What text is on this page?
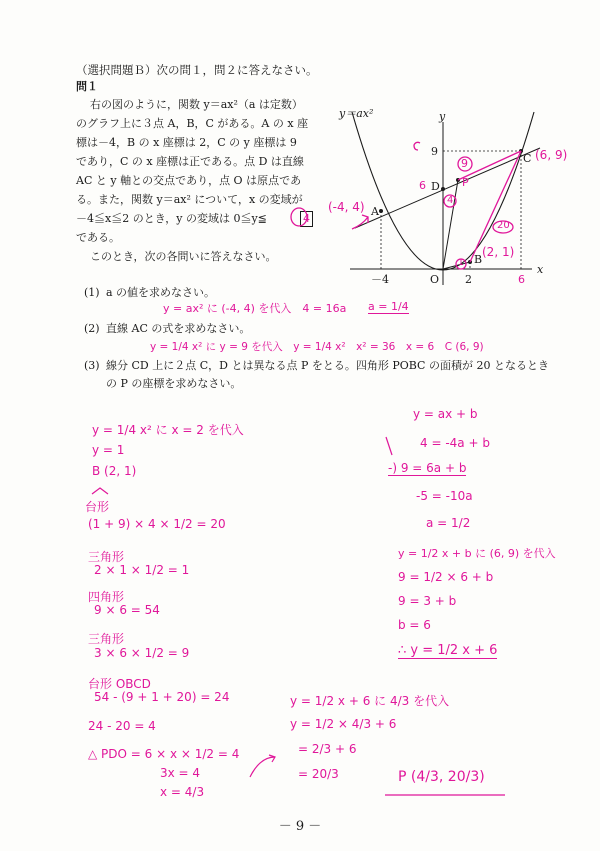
（選択問題Ｂ）次の問１，問２に答えなさい。
問１
右の図のように，関数 y＝ax²（a は定数）
のグラフ上に３点 A，B，C がある。A の x 座
標は－4，B の x 座標は 2，C の y 座標は 9
であり，C の x 座標は正である。点 D は直線
AC と y 軸との交点であり，点 O は原点であ
る。また，関数 y＝ax² について，x の変域が
－4≦x≦2 のとき，y の変域は 0≦y≦	4
である。
このとき，次の各問いに答えなさい。
y＝ax²	y
x
9
－4	2
O
A
B
C
D P
(6, 9)
(-4, 4)
(2, 1)
6
9
4
20
6
1
(1) a の値を求めなさい。
(2) 直線 AC の式を求めなさい。
(3) 線分 CD 上に２点 C，D とは異なる点 P をとる。四角形 POBC の面積が 20 となるとき
の P の座標を求めなさい。
y = ax² に (-4, 4) を代入　4 = 16a　 a = 1/4
y = 1/4 x² に y = 9 を代入　y = 1/4 x²　x² = 36　x = 6　C (6, 9)
y = 1/4 x² に x = 2 を代入
y = 1
B (2, 1)
台形
(1 + 9) × 4 × 1/2 = 20
三角形
2 × 1 × 1/2 = 1
四角形
9 × 6 = 54
三角形
3 × 6 × 1/2 = 9
台形 OBCD
54 - (9 + 1 + 20) = 24
24 - 20 = 4
△ PDO = 6 × x × 1/2 = 4
3x = 4
x = 4/3
y = ax + b
4 = -4a + b
-) 9 = 6a + b
-5 = -10a
a = 1/2
y = 1/2 x + b に (6, 9) を代入
9 = 1/2 × 6 + b
9 = 3 + b
b = 6
∴ y = 1/2 x + 6
y = 1/2 x + 6 に 4/3 を代入
y = 1/2 × 4/3 + 6
= 2/3 + 6
= 20/3	P (4/3, 20/3)
－ 9 －
